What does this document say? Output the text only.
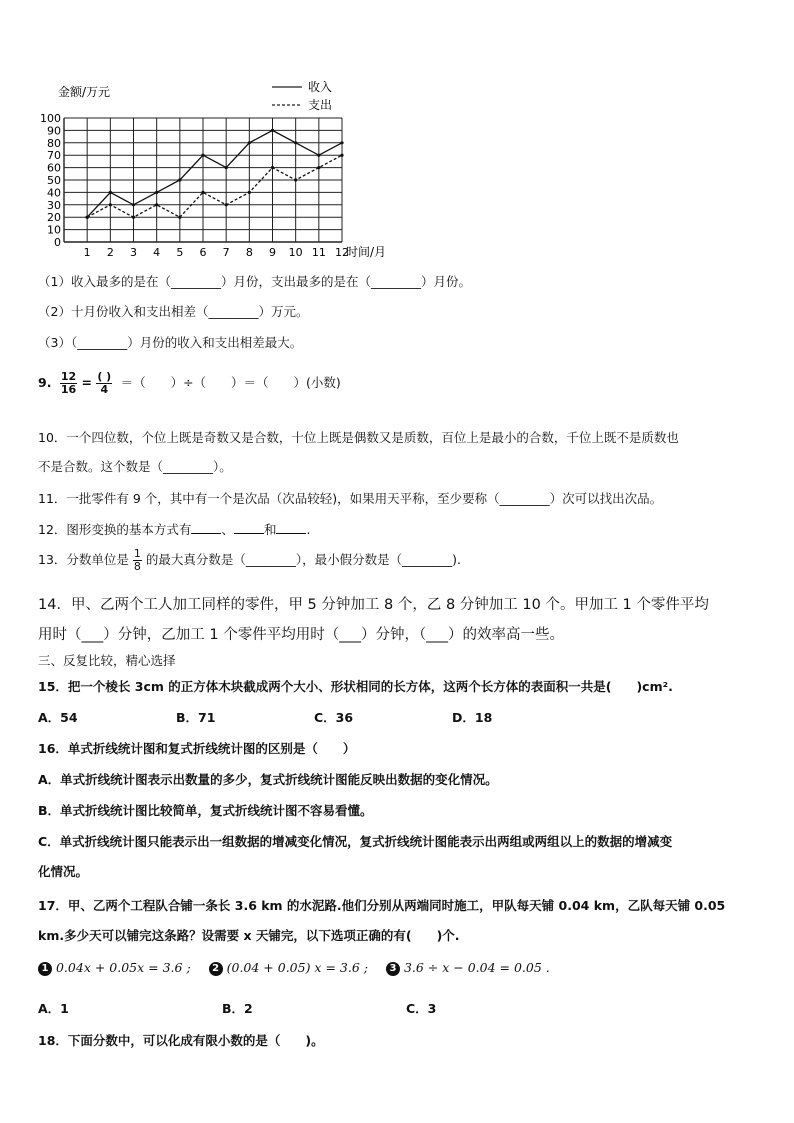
0
10
20
30
40
50
60
70
80
90
100
1 2 3 4 5 6 7 8 9 10 11 12
金额/万元
时间/月
收入
支出
（1）收入最多的是在（________）月份，支出最多的是在（________）月份。
（2）十月份收入和支出相差（________）万元。
（3）（________）月份的收入和支出相差最大。
9. $\frac{12}{16} = \frac{( )}{4}$ ＝（　　）÷（　　）＝（　　）(小数)
10．一个四位数，个位上既是奇数又是合数，十位上既是偶数又是质数，百位上是最小的合数，千位上既不是质数也
不是合数。这个数是（________）。
11．一批零件有 9 个，其中有一个是次品（次品较轻)，如果用天平称，至少要称（________）次可以找出次品。
12．图形变换的基本方式有 、 和 .
13．分数单位是 $\frac{1}{8}$ 的最大真分数是（________），最小假分数是（________).
14．甲、乙两个工人加工同样的零件，甲 5 分钟加工 8 个，乙 8 分钟加工 10 个。甲加工 1 个零件平均
用时（___）分钟，乙加工 1 个零件平均用时（___）分钟，（___）的效率高一些。
三、反复比较，精心选择
15．把一个棱长 3cm 的正方体木块截成两个大小、形状相同的长方体，这两个长方体的表面积一共是(　　)cm².
A．54	B．71	C．36	D．18
16．单式折线统计图和复式折线统计图的区别是（　　）
A．单式折线统计图表示出数量的多少，复式折线统计图能反映出数据的变化情况。
B．单式折线统计图比较简单，复式折线统计图不容易看懂。
C．单式折线统计图只能表示出一组数据的增减变化情况，复式折线统计图能表示出两组或两组以上的数据的增减变
化情况。
17．甲、乙两个工程队合铺一条长 3.6 km 的水泥路.他们分别从两端同时施工，甲队每天铺 0.04 km，乙队每天铺 0.05
km.多少天可以铺完这条路？设需要 x 天铺完，以下选项正确的有(　　)个.
1 0.04x + 0.05x = 3.6 ; 2 (0.04 + 0.05) x = 3.6 ; 3 3.6 ÷ x − 0.04 = 0.05 .
A．1	B．2	C．3
18．下面分数中，可以化成有限小数的是（　　)。
